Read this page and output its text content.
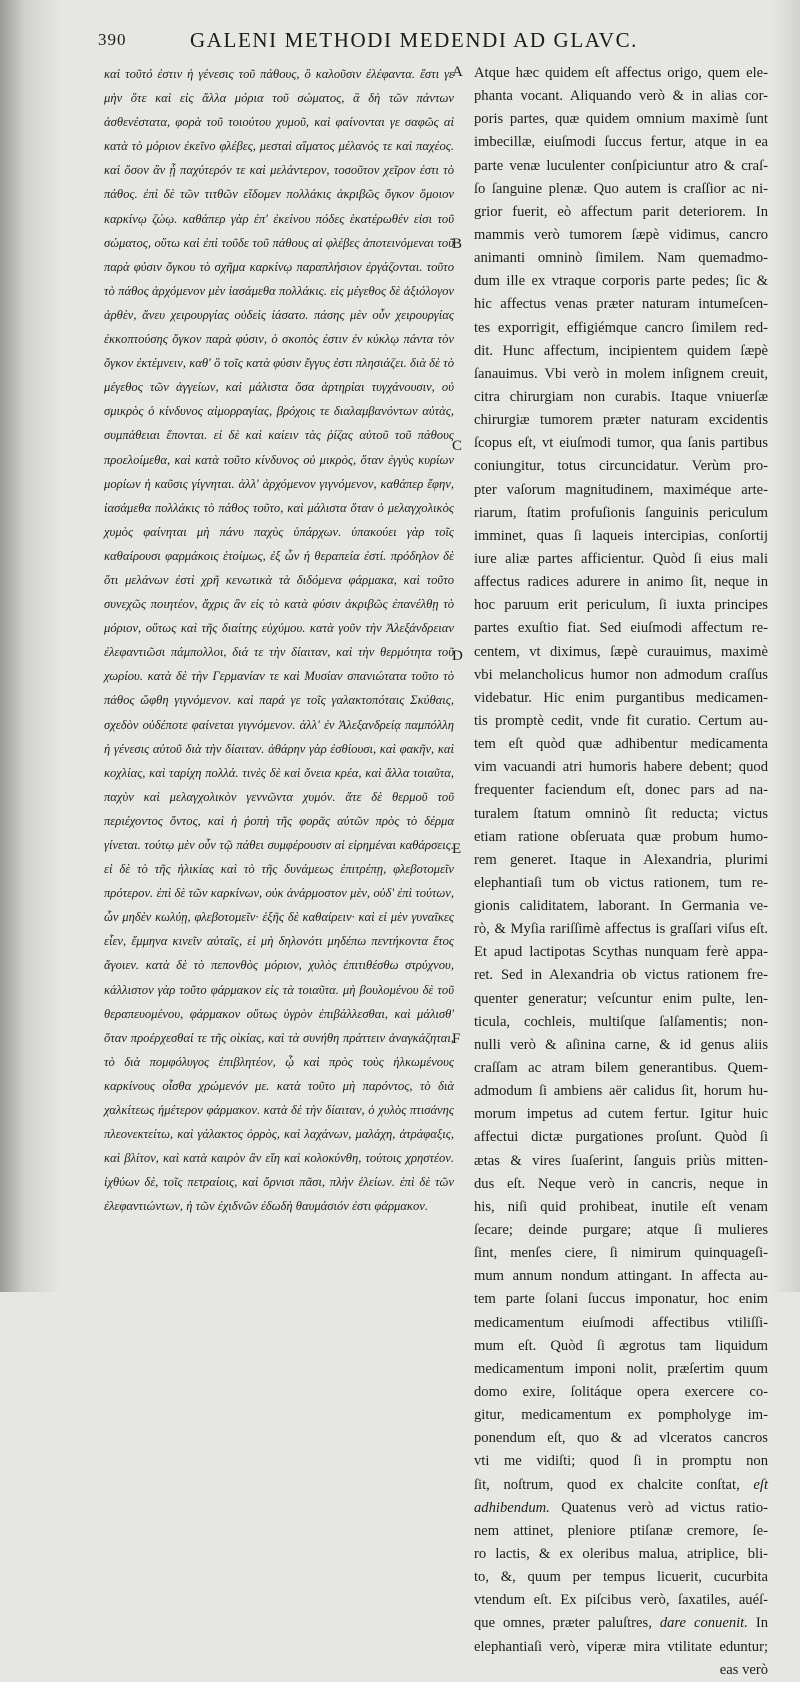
390	GALENI METHODI MEDENDI AD GLAVC.
καὶ τοῦτό ἐστιν ἡ γένεσις τοῦ πάθους, ὃ καλοῦσιν ἐλέφαντα. ἔστι γε μὴν ὅτε καὶ εἰς ἄλλα μόρια τοῦ σώματος, ἃ δὴ τῶν πάντων ἀσθενέστατα, φορὰ τοῦ τοιούτου χυμοῦ, καὶ φαίνονται γε σαφῶς αἱ κατὰ τὸ μόριον ἐκεῖνο φλέβες, μεσταὶ αἵματος μέλανός τε καὶ παχέος. καὶ ὅσον ἂν ᾖ παχύτερόν τε καὶ μελάντερον, τοσοῦτον χεῖρον ἐστι τὸ πάθος. ἐπὶ δὲ τῶν τιτθῶν εἴδομεν πολλάκις ἀκριβῶς ὄγκον ὅμοιον καρκίνῳ ζώῳ. καθάπερ γὰρ ἐπ' ἐκείνου πόδες ἑκατέρωθέν εἰσι τοῦ σώματος, οὕτω καὶ ἐπὶ τοῦδε τοῦ πάθους αἱ φλέβες ἀποτεινόμεναι τοῦ παρὰ φύσιν ὄγκου τὸ σχῆμα καρκίνῳ παραπλήσιον ἐργάζονται. τοῦτο τὸ πάθος ἀρχόμενον μὲν ἰασάμεθα πολλάκις. εἰς μέγεθος δὲ ἀξιόλογον ἀρθὲν, ἄνευ χειρουργίας οὐδεὶς ἰάσατο. πάσης μὲν οὖν χειρουργίας ἐκκοπτούσης ὄγκον παρὰ φύσιν, ὁ σκοπὸς ἐστιν ἐν κύκλῳ πάντα τὸν ὄγκον ἐκτέμνειν, καθ' ὃ τοῖς κατὰ φύσιν ἔγγυς ἐστι πλησιάζει. διὰ δὲ τὸ μέγεθος τῶν ἀγγείων, καὶ μάλιστα ὅσα ἀρτηρίαι τυγχάνουσιν, οὐ σμικρὸς ὁ κίνδυνος αἱμορραγίας, βρόχοις τε διαλαμβανόντων αὐτὰς, συμπάθειαι ἕπονται. εἰ δὲ καὶ καίειν τὰς ῥίζας αὐτοῦ τοῦ πάθους προελοίμεθα, καὶ κατὰ τοῦτο κίνδυνος οὐ μικρὸς, ὅταν ἐγγὺς κυρίων μορίων ἡ καῦσις γίγνηται. ἀλλ' ἀρχόμενον γιγνόμενον, καθάπερ ἔφην, ἰασάμεθα πολλάκις τὸ πάθος τοῦτο, καὶ μάλιστα ὅταν ὁ μελαγχολικὸς χυμὸς φαίνηται μὴ πάνυ παχὺς ὑπάρχων. ὑπακούει γὰρ τοῖς καθαίρουσι φαρμάκοις ἑτοίμως, ἐξ ὧν ἡ θεραπεία ἐστί. πρόδηλον δὲ ὅτι μελάνων ἐστὶ χρῆ κενωτικὰ τὰ διδόμενα φάρμακα, καὶ τοῦτο συνεχῶς ποιητέον, ἄχρις ἂν εἰς τὸ κατὰ φύσιν ἀκριβῶς ἐπανέλθῃ τὸ μόριον, οὕτως καὶ τῆς διαίτης εὐχύμου. κατὰ γοῦν τὴν Ἀλεξάνδρειαν ἐλεφαντιῶσι πάμπολλοι, διά τε τὴν δίαιταν, καὶ τὴν θερμότητα τοῦ χωρίου. κατὰ δὲ τὴν Γερμανίαν τε καὶ Μυσίαν σπανιώτατα τοῦτο τὸ πάθος ὤφθη γιγνόμενον. καὶ παρά γε τοῖς γαλακτοπόταις Σκύθαις, σχεδὸν οὐδέποτε φαίνεται γιγνόμενον. ἀλλ' ἐν Ἀλεξανδρείᾳ παμπόλλη ἡ γένεσις αὐτοῦ διὰ τὴν δίαιταν. ἀθάρην γὰρ ἐσθίουσι, καὶ φακῆν, καὶ κοχλίας, καὶ ταρίχη πολλά. τινὲς δὲ καὶ ὄνεια κρέα, καὶ ἄλλα τοιαῦτα, παχὺν καὶ μελαγχολικὸν γεννῶντα χυμόν. ἅτε δὲ θερμοῦ τοῦ περιέχοντος ὄντος, καὶ ἡ ῥοπὴ τῆς φορᾶς αὐτῶν πρὸς τὸ δέρμα γίνεται. τούτῳ μὲν οὖν τῷ πάθει συμφέρουσιν αἱ εἰρημέναι καθάρσεις. εἰ δὲ τὸ τῆς ἡλικίας καὶ τὸ τῆς δυνάμεως ἐπιτρέπῃ, φλεβοτομεῖν πρότερον. ἐπὶ δὲ τῶν καρκίνων, οὐκ ἀνάρμοστον μὲν, οὐδ' ἐπὶ τούτων, ὧν μηδὲν κωλύῃ, φλεβοτομεῖν· ἑξῆς δὲ καθαίρειν· καὶ εἰ μὲν γυναῖκες εἶεν, ἔμμηνα κινεῖν αὐταῖς, εἰ μὴ δηλονότι μηδέπω πεντήκοντα ἔτος ἄγοιεν. κατὰ δὲ τὸ πεπονθὸς μόριον, χυλὸς ἐπιτιθέσθω στρύχνου, κάλλιστον γὰρ τοῦτο φάρμακον εἰς τὰ τοιαῦτα. μὴ βουλομένου δὲ τοῦ θεραπευομένου, φάρμακον οὕτως ὑγρὸν ἐπιβάλλεσθαι, καὶ μάλισθ' ὅταν προέρχεσθαί τε τῆς οἰκίας, καὶ τὰ συνήθη πράττειν ἀναγκάζηται, τὸ διὰ πομφόλυγος ἐπιβλητέον, ᾧ καὶ πρὸς τοὺς ἡλκωμένους καρκίνους οἶσθα χρώμενόν με. κατὰ τοῦτο μὴ παρόντος, τὸ διὰ χαλκίτεως ἡμέτερον φάρμακον. κατὰ δὲ τὴν δίαιταν, ὁ χυλὸς πτισάνης πλεονεκτείτω, καὶ γάλακτος ὀρρὸς, καὶ λαχάνων, μαλάχη, ἀτράφαξις, καὶ βλίτον, καὶ κατὰ καιρὸν ἂν εἴη καὶ κολοκύνθη, τούτοις χρηστέον. ἰχθύων δὲ, τοῖς πετραίοις, καὶ ὄρνισι πᾶσι, πλὴν ἑλείων. ἐπὶ δὲ τῶν ἐλεφαντιώντων, ἡ τῶν ἐχιδνῶν ἐδωδὴ θαυμάσιόν ἐστι φάρμακον.
A
B
C
D
E
F
Atque hæc quidem eſt affectus origo, quem ele-
phanta vocant. Aliquando verò & in alias cor-
poris partes, quæ quidem omnium maximè ſunt
imbecillæ, eiuſmodi ſuccus fertur, atque in ea
parte venæ luculenter conſpiciuntur atro & craſ-
ſo ſanguine plenæ. Quo autem is craſſior ac ni-
grior fuerit, eò affectum parit deteriorem. In
mammis verò tumorem ſæpè vidimus, cancro
animanti omninò ſimilem. Nam quemadmo-
dum ille ex vtraque corporis parte pedes; ſic &
hic affectus venas præter naturam intumeſcen-
tes exporrigit, effigiémque cancro ſimilem red-
dit. Hunc affectum, incipientem quidem ſæpè
ſanauimus. Vbi verò in molem inſignem creuit,
citra chirurgiam non curabis. Itaque vniuerſæ
chirurgiæ tumorem præter naturam excidentis
ſcopus eſt, vt eiuſmodi tumor, qua ſanis partibus
coniungitur, totus circuncidatur. Verùm pro-
pter vaſorum magnitudinem, maximéque arte-
riarum, ſtatim profuſionis ſanguinis periculum
imminet, quas ſi laqueis intercipias, conſortij
iure aliæ partes afficientur. Quòd ſi eius mali
affectus radices adurere in animo ſit, neque in
hoc paruum erit periculum, ſi iuxta principes
partes exuſtio fiat. Sed eiuſmodi affectum re-
centem, vt diximus, ſæpè curauimus, maximè
vbi melancholicus humor non admodum craſſus
videbatur. Hic enim purgantibus medicamen-
tis promptè cedit, vnde fit curatio. Certum au-
tem eſt quòd quæ adhibentur medicamenta
vim vacuandi atri humoris habere debent; quod
frequenter faciendum eſt, donec pars ad na-
turalem ſtatum omninò ſit reducta; victus
etiam ratione obſeruata quæ probum humo-
rem generet. Itaque in Alexandria, plurimi
elephantiaſi tum ob victus rationem, tum re-
gionis caliditatem, laborant. In Germania ve-
rò, & Myſia rariſſimè affectus is graſſari viſus eſt.
Et apud lactipotas Scythas nunquam ferè appa-
ret. Sed in Alexandria ob victus rationem fre-
quenter generatur; veſcuntur enim pulte, len-
ticula, cochleis, multiſque ſalſamentis; non-
nulli verò & aſinina carne, & id genus aliis
craſſam ac atram bilem generantibus. Quem-
admodum ſi ambiens aër calidus ſit, horum hu-
morum impetus ad cutem fertur. Igitur huic
affectui dictæ purgationes proſunt. Quòd ſi
ætas & vires ſuaſerint, ſanguis priùs mitten-
dus eſt. Neque verò in cancris, neque in
his, niſi quid prohibeat, inutile eſt venam
ſecare; deinde purgare; atque ſi mulieres
ſint, menſes ciere, ſi nimirum quinquageſi-
mum annum nondum attingant. In affecta au-
tem parte ſolani ſuccus imponatur, hoc enim
medicamentum eiuſmodi affectibus vtiliſſi-
mum eſt. Quòd ſi ægrotus tam liquidum
medicamentum imponi nolit, præſertim quum
domo exire, ſolitáque opera exercere co-
gitur, medicamentum ex pompholyge im-
ponendum eſt, quo & ad vlceratos cancros
vti me vidiſti; quod ſi in promptu non
ſit, noſtrum, quod ex chalcite conſtat, eſt
adhibendum. Quatenus verò ad victus ratio-
nem attinet, pleniore ptiſanæ cremore, ſe-
ro lactis, & ex oleribus malua, atriplice, bli-
to, &, quum per tempus licuerit, cucurbita
vtendum eſt. Ex piſcibus verò, ſaxatiles, auéſ-
que omnes, præter paluſtres, dare conuenit. In
elephantiaſi verò, viperæ mira vtilitate eduntur;
eas verò
